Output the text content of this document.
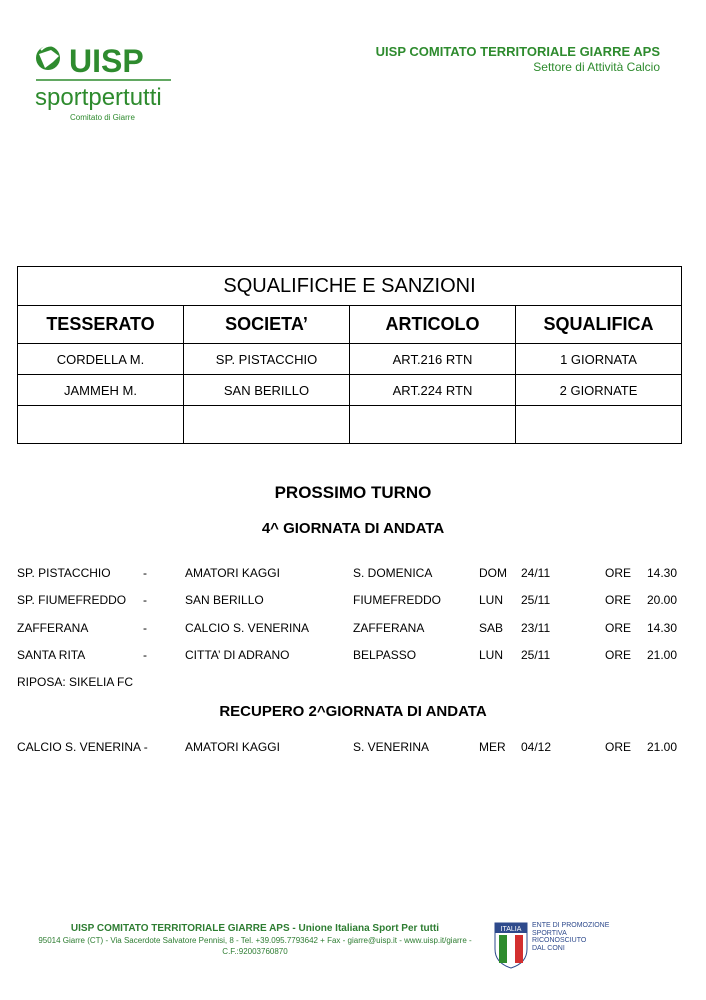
UISP
sportpertutti
Comitato di Giarre
UISP COMITATO TERRITORIALE GIARRE APS
Settore di Attività Calcio
SQUALIFICHE E SANZIONI			
TESSERATO	SOCIETA’	ARTICOLO	SQUALIFICA
CORDELLA M.	SP. PISTACCHIO	ART.216 RTN	1 GIORNATA
JAMMEH M.	SAN BERILLO	ART.224 RTN	2 GIORNATE

PROSSIMO TURNO
4^ GIORNATA DI ANDATA
SP. PISTACCHIO	-	AMATORI KAGGI	S. DOMENICA	DOM 24/11	ORE 14.30
SP. FIUMEFREDDO -	SAN BERILLO	FIUMEFREDDO	LUN 25/11	ORE 20.00
ZAFFERANA	-	CALCIO S. VENERINA	ZAFFERANA	SAB 23/11	ORE 14.30
SANTA RITA	-	CITTA’ DI ADRANO	BELPASSO	LUN 25/11	ORE 21.00
RIPOSA: SIKELIA FC
RECUPERO 2^GIORNATA DI ANDATA
CALCIO S. VENERINA -	AMATORI KAGGI	S. VENERINA	MER 04/12	ORE 21.00
UISP COMITATO TERRITORIALE GIARRE APS - Unione Italiana Sport Per tutti
95014 Giarre (CT) - Via Sacerdote Salvatore Pennisi, 8 - Tel. +39.095.7793642 + Fax - giarre@uisp.it - www.uisp.it/giarre -
C.F.:92003760870
ITALIA
ENTE DI PROMOZIONE
SPORTIVA
RICONOSCIUTO
DAL CONI
